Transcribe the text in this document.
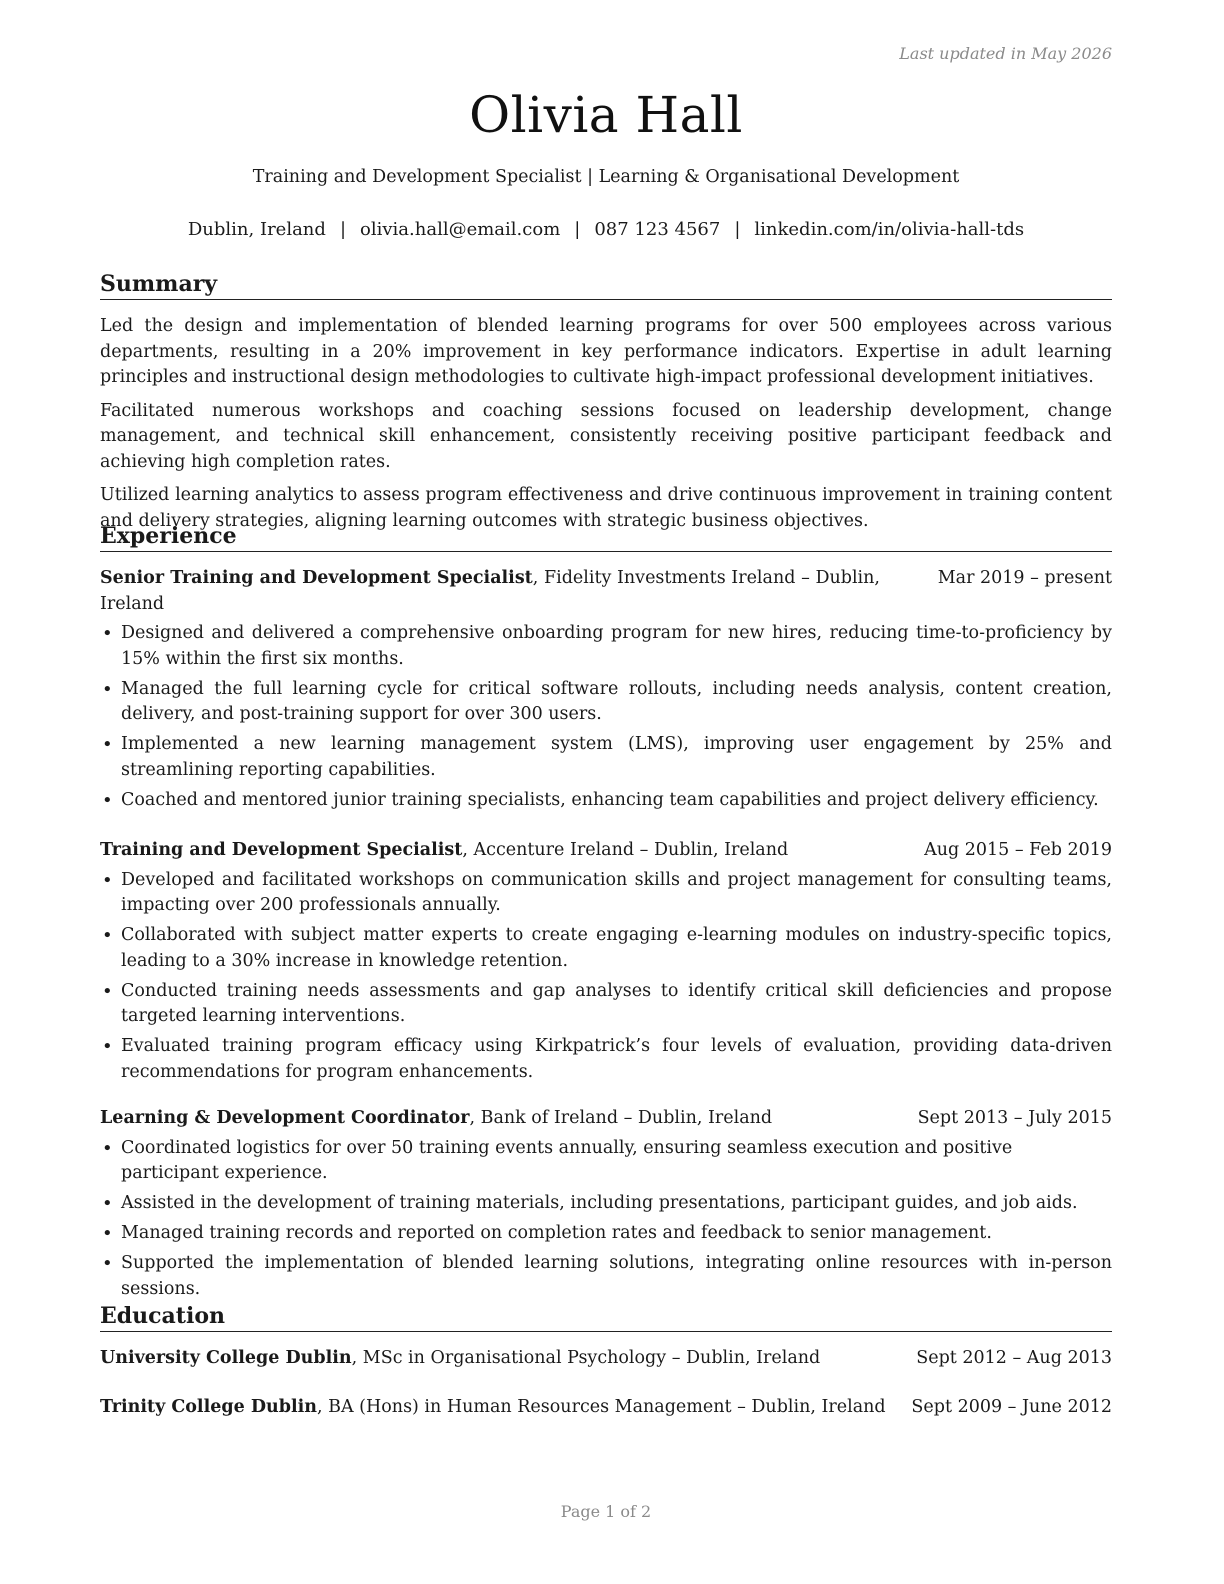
Last updated in May 2026
Olivia Hall
Training and Development Specialist | Learning & Organisational Development
Dublin, Ireland | olivia.hall@email.com | 087 123 4567 | linkedin.com/in/olivia-hall-tds
Summary

Led the design and implementation of blended learning programs for over 500 employees across various departments, resulting in a 20% improvement in key performance indicators. Expertise in adult learning principles and instructional design methodologies to cultivate high-impact professional development initiatives.

Facilitated numerous workshops and coaching sessions focused on leadership development, change management, and technical skill enhancement, consistently receiving positive participant feedback and achieving high completion rates.

Utilized learning analytics to assess program effectiveness and drive continuous improvement in training content and delivery strategies, aligning learning outcomes with strategic business objectives.

Experience
Senior Training and Development Specialist, Fidelity Investments Ireland – Dublin, Ireland
Mar 2019 – present
• Designed and delivered a comprehensive onboarding program for new hires, reducing time-to-proficiency by 15% within the first six months.
• Managed the full learning cycle for critical software rollouts, including needs analysis, content creation, delivery, and post-training support for over 300 users.
• Implemented a new learning management system (LMS), improving user engagement by 25% and streamlining reporting capabilities.
• Coached and mentored junior training specialists, enhancing team capabilities and project delivery efficiency.
Training and Development Specialist, Accenture Ireland – Dublin, Ireland	Aug 2015 – Feb 2019
• Developed and facilitated workshops on communication skills and project management for consulting teams, impacting over 200 professionals annually.
• Collaborated with subject matter experts to create engaging e-learning modules on industry-specific topics, leading to a 30% increase in knowledge retention.
• Conducted training needs assessments and gap analyses to identify critical skill deficiencies and propose targeted learning interventions.
• Evaluated training program efficacy using Kirkpatrick’s four levels of evaluation, providing data-driven recommendations for program enhancements.
Learning & Development Coordinator, Bank of Ireland – Dublin, Ireland	Sept 2013 – July 2015
• Coordinated logistics for over 50 training events annually, ensuring seamless execution and positive participant experience.
• Assisted in the development of training materials, including presentations, participant guides, and job aids.
• Managed training records and reported on completion rates and feedback to senior management.
• Supported the implementation of blended learning solutions, integrating online resources with in-person sessions.
Education
University College Dublin, MSc in Organisational Psychology – Dublin, Ireland	Sept 2012 – Aug 2013
Trinity College Dublin, BA (Hons) in Human Resources Management – Dublin, Ireland Sept 2009 – June 2012
Page 1 of 2
